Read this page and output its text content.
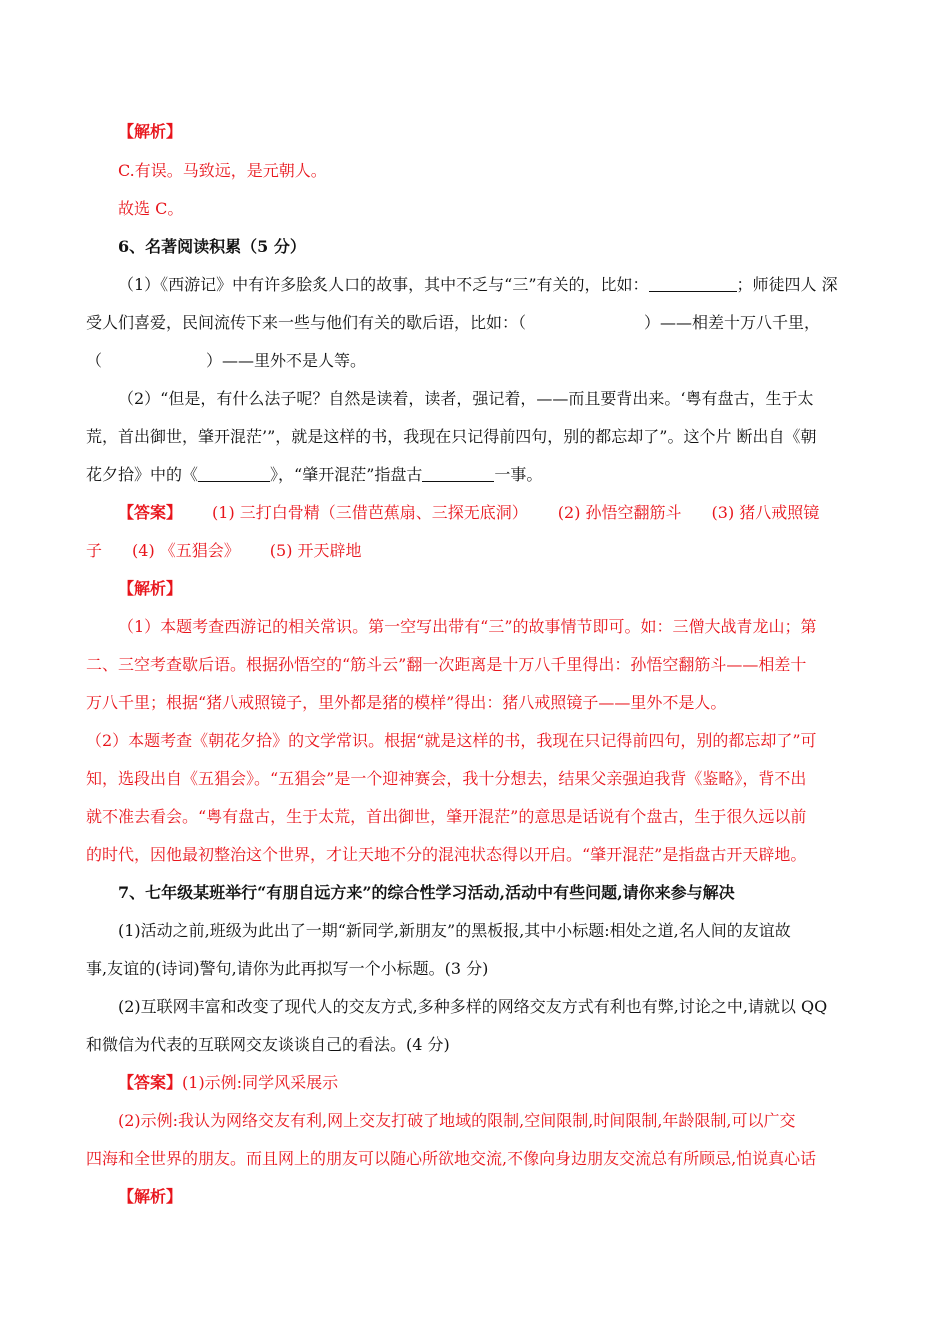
【解析】
C.有误。马致远，是元朝人。
故选 C。
6、名著阅读积累（5 分）
（1）《西游记》中有许多脍炙人口的故事，其中不乏与“三”有关的，比如：	；师徒四人 深
受人们喜爱，民间流传下来一些与他们有关的歇后语，比如：（	）——相差十万八千里，
（	）——里外不是人等。
（2）“但是，有什么法子呢？自然是读着，读者，强记着，——而且要背出来。‘粤有盘古，生于太
荒，首出御世，肇开混茫’”，就是这样的书，我现在只记得前四句，别的都忘却了”。这个片 断出自《朝
花夕拾》中的《	》，“肇开混茫”指盘古	一事。
【答案】 (1) 三打白骨精（三借芭蕉扇、三探无底洞） (2) 孙悟空翻筋斗 (3) 猪八戒照镜
子 (4) 《五猖会》 (5) 开天辟地
【解析】
（1）本题考查西游记的相关常识。第一空写出带有“三”的故事情节即可。如：三僧大战青龙山；第
二、三空考查歇后语。根据孙悟空的“筋斗云”翻一次距离是十万八千里得出：孙悟空翻筋斗——相差十
万八千里；根据“猪八戒照镜子，里外都是猪的模样”得出：猪八戒照镜子——里外不是人。
（2）本题考查《朝花夕拾》的文学常识。根据“就是这样的书，我现在只记得前四句，别的都忘却了”可
知，选段出自《五猖会》。“五猖会”是一个迎神赛会，我十分想去，结果父亲强迫我背《鉴略》，背不出
就不准去看会。“粤有盘古，生于太荒，首出御世，肇开混茫”的意思是话说有个盘古，生于很久远以前
的时代，因他最初整治这个世界，才让天地不分的混沌状态得以开启。“肇开混茫”是指盘古开天辟地。
7、七年级某班举行“有朋自远方来”的综合性学习活动,活动中有些问题,请你来参与解决
(1)活动之前,班级为此出了一期“新同学,新朋友”的黑板报,其中小标题:相处之道,名人间的友谊故
事,友谊的(诗词)警句,请你为此再拟写一个小标题。(3 分)
(2)互联网丰富和改变了现代人的交友方式,多种多样的网络交友方式有利也有弊,讨论之中,请就以 QQ
和微信为代表的互联网交友谈谈自己的看法。(4 分)
【答案】(1)示例:同学风采展示
(2)示例:我认为网络交友有利,网上交友打破了地域的限制,空间限制,时间限制,年龄限制,可以广交
四海和全世界的朋友。而且网上的朋友可以随心所欲地交流,不像向身边朋友交流总有所顾忌,怕说真心话
【解析】
